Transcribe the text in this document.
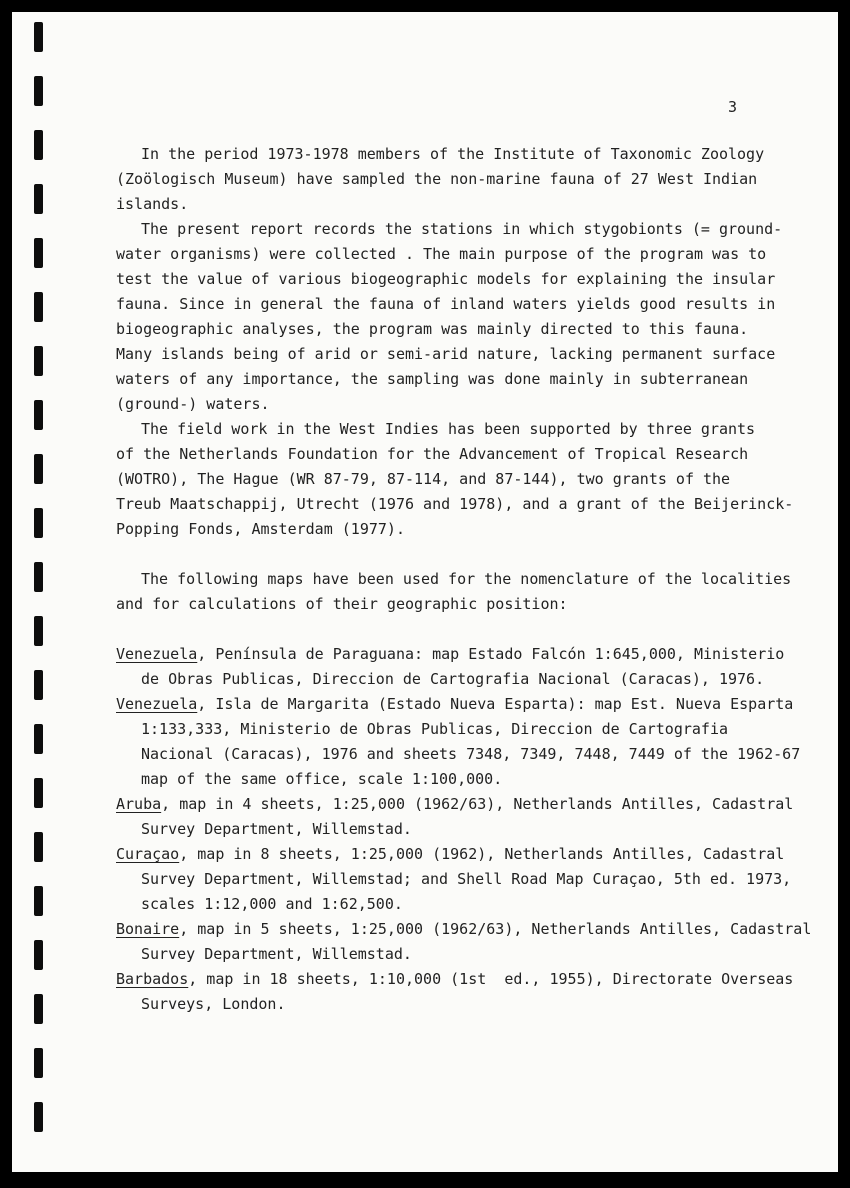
3
In the period 1973-1978 members of the Institute of Taxonomic Zoology
(Zoölogisch Museum) have sampled the non-marine fauna of 27 West Indian
islands.
The present report records the stations in which stygobionts (= ground-
water organisms) were collected . The main purpose of the program was to
test the value of various biogeographic models for explaining the insular
fauna. Since in general the fauna of inland waters yields good results in
biogeographic analyses, the program was mainly directed to this fauna.
Many islands being of arid or semi-arid nature, lacking permanent surface
waters of any importance, the sampling was done mainly in subterranean
(ground-) waters.
The field work in the West Indies has been supported by three grants
of the Netherlands Foundation for the Advancement of Tropical Research
(WOTRO), The Hague (WR 87-79, 87-114, and 87-144), two grants of the
Treub Maatschappij, Utrecht (1976 and 1978), and a grant of the Beijerinck-
Popping Fonds, Amsterdam (1977).
The following maps have been used for the nomenclature of the localities
and for calculations of their geographic position:
Venezuela, Península de Paraguana: map Estado Falcón 1:645,000, Ministerio
de Obras Publicas, Direccion de Cartografia Nacional (Caracas), 1976.
Venezuela, Isla de Margarita (Estado Nueva Esparta): map Est. Nueva Esparta
1:133,333, Ministerio de Obras Publicas, Direccion de Cartografia
Nacional (Caracas), 1976 and sheets 7348, 7349, 7448, 7449 of the 1962-67
map of the same office, scale 1:100,000.
Aruba, map in 4 sheets, 1:25,000 (1962/63), Netherlands Antilles, Cadastral
Survey Department, Willemstad.
Curaçao, map in 8 sheets, 1:25,000 (1962), Netherlands Antilles, Cadastral
Survey Department, Willemstad; and Shell Road Map Curaçao, 5th ed. 1973,
scales 1:12,000 and 1:62,500.
Bonaire, map in 5 sheets, 1:25,000 (1962/63), Netherlands Antilles, Cadastral
Survey Department, Willemstad.
Barbados, map in 18 sheets, 1:10,000 (1st  ed., 1955), Directorate Overseas
Surveys, London.
